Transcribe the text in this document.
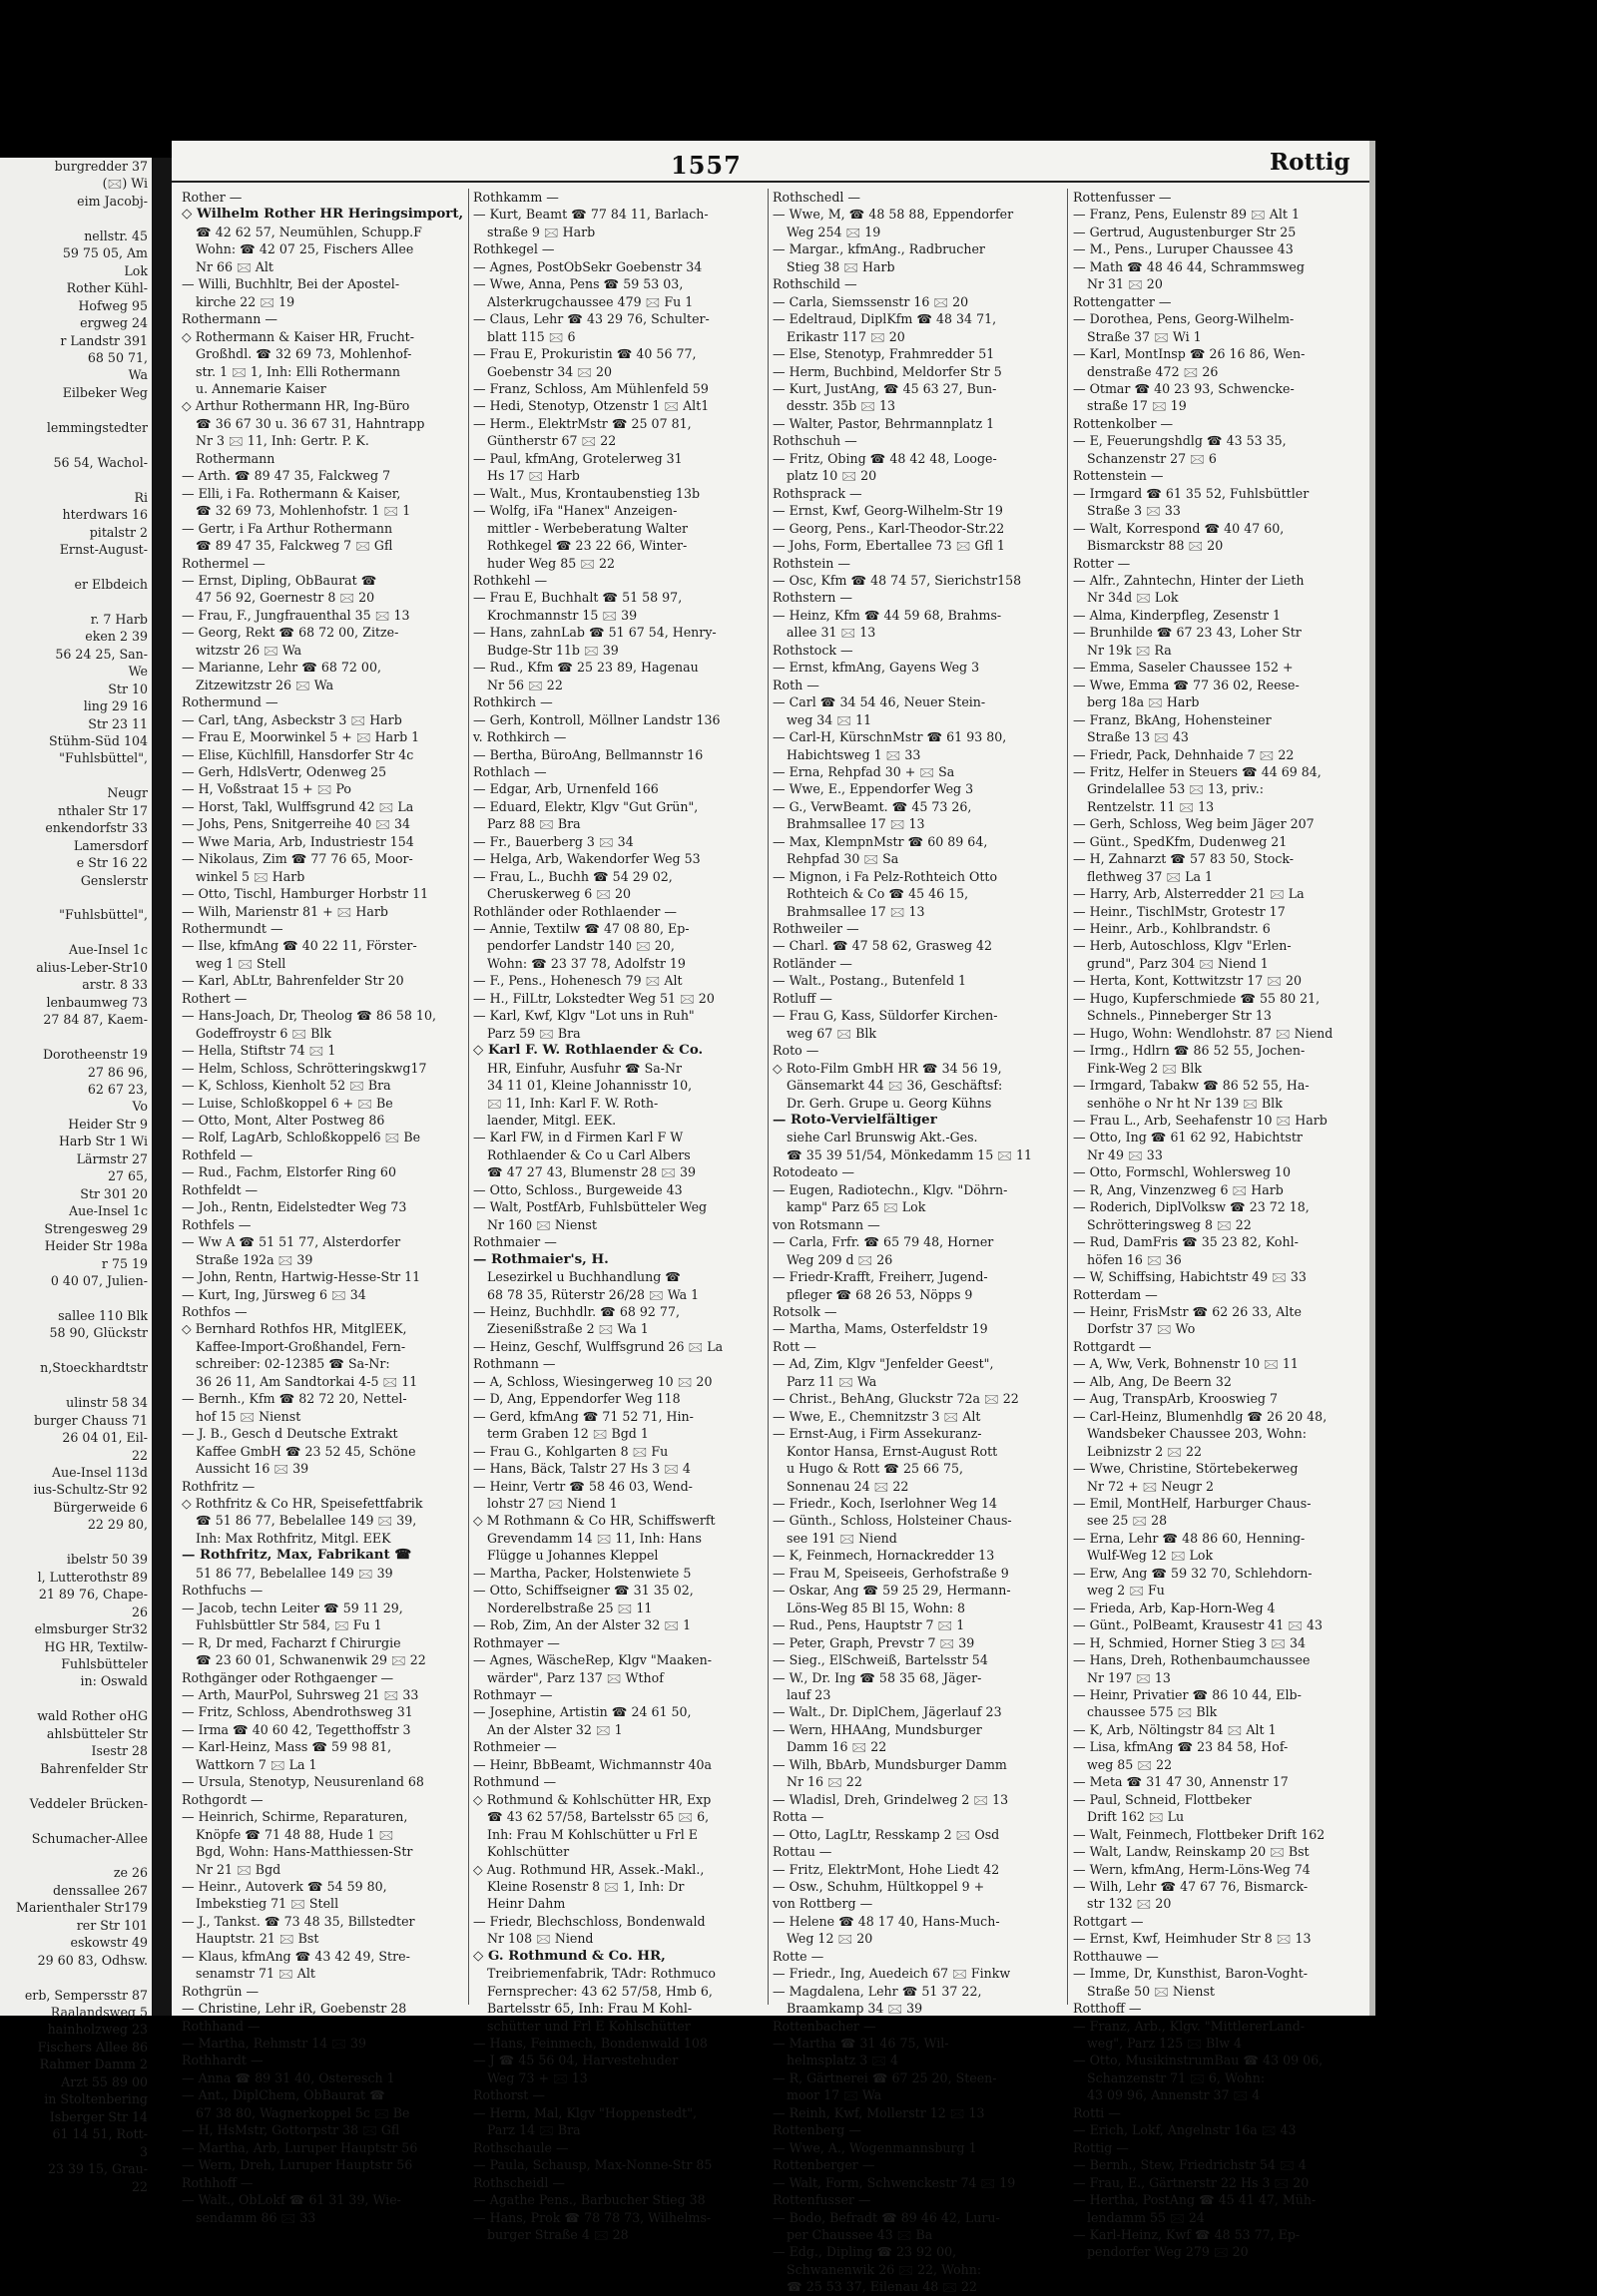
burgredder 37
(🖂) Wi
eim Jacobj-

nellstr. 45
59 75 05, Am
Lok
Rother Kühl-
Hofweg 95
ergweg 24
r Landstr 391
68 50 71,
Wa
Eilbeker Weg

lemmingstedter

56 54, Wachol-

Ri
hterdwars 16
pitalstr 2
Ernst-August-

er Elbdeich

r. 7 Harb
eken 2 39
56 24 25, San-
We
Str 10
ling 29 16
Str 23 11
Stühm-Süd 104
"Fuhlsbüttel",

Neugr
nthaler Str 17
enkendorfstr 33
Lamersdorf
e Str 16 22
Genslerstr

"Fuhlsbüttel",

Aue-Insel 1c
alius-Leber-Str10
arstr. 8 33
lenbaumweg 73
27 84 87, Kaem-

Dorotheenstr 19
27 86 96,
62 67 23,
Vo
Heider Str 9
Harb Str 1 Wi
Lärmstr 27
27 65,
Str 301 20
Aue-Insel 1c
Strengesweg 29
Heider Str 198a
r 75 19
0 40 07, Julien-

sallee 110 Blk
58 90, Glückstr

n,Stoeckhardtstr

ulinstr 58 34
burger Chauss 71
26 04 01, Eil-
22
Aue-Insel 113d
ius-Schultz-Str 92
Bürgerweide 6
22 29 80,

ibelstr 50 39
l, Lutterothstr 89
21 89 76, Chape-
26
elmsburger Str32
HG HR, Textilw-
Fuhlsbütteler
in: Oswald

wald Rother oHG
ahlsbütteler Str
Isestr 28
Bahrenfelder Str

Veddeler Brücken-

Schumacher-Allee

ze 26
denssallee 267
Marienthaler Str179
rer Str 101
eskowstr 49
29 60 83, Odhsw.

erb, Sempersstr 87
Raalandsweg 5
hainholzweg 23
Fischers Allee 86
Rahmer Damm 2
Arzt 55 89 00
in Stoltenbering
Isberger Str 14
61 14 51, Rott-
3
23 39 15, Grau-
22
1557	Rottig
Rother —
◇ Wilhelm Rother HR Heringsimport,
☎ 42 62 57, Neumühlen, Schupp.F
Wohn: ☎ 42 07 25, Fischers Allee
Nr 66 🖂 Alt
— Willi, Buchhltr, Bei der Apostel-
kirche 22 🖂 19
Rothermann —
◇ Rothermann & Kaiser HR, Frucht-
Großhdl. ☎ 32 69 73, Mohlenhof-
str. 1 🖂 1, Inh: Elli Rothermann
u. Annemarie Kaiser
◇ Arthur Rothermann HR, Ing-Büro
☎ 36 67 30 u. 36 67 31, Hahntrapp
Nr 3 🖂 11, Inh: Gertr. P. K.
Rothermann
— Arth. ☎ 89 47 35, Falckweg 7
— Elli, i Fa. Rothermann & Kaiser,
☎ 32 69 73, Mohlenhofstr. 1 🖂 1
— Gertr, i Fa Arthur Rothermann
☎ 89 47 35, Falckweg 7 🖂 Gfl
Rothermel —
— Ernst, Dipling, ObBaurat ☎
47 56 92, Goernestr 8 🖂 20
— Frau, F., Jungfrauenthal 35 🖂 13
— Georg, Rekt ☎ 68 72 00, Zitze-
witzstr 26 🖂 Wa
— Marianne, Lehr ☎ 68 72 00,
Zitzewitzstr 26 🖂 Wa
Rothermund —
— Carl, tAng, Asbeckstr 3 🖂 Harb
— Frau E, Moorwinkel 5 + 🖂 Harb 1
— Elise, Küchlfill, Hansdorfer Str 4c
— Gerh, HdlsVertr, Odenweg 25
— H, Voßstraat 15 + 🖂 Po
— Horst, Takl, Wulffsgrund 42 🖂 La
— Johs, Pens, Snitgerreihe 40 🖂 34
— Wwe Maria, Arb, Industriestr 154
— Nikolaus, Zim ☎ 77 76 65, Moor-
winkel 5 🖂 Harb
— Otto, Tischl, Hamburger Horbstr 11
— Wilh, Marienstr 81 + 🖂 Harb
Rothermundt —
— Ilse, kfmAng ☎ 40 22 11, Förster-
weg 1 🖂 Stell
— Karl, AbLtr, Bahrenfelder Str 20
Rothert —
— Hans-Joach, Dr, Theolog ☎ 86 58 10,
Godeffroystr 6 🖂 Blk
— Hella, Stiftstr 74 🖂 1
— Helm, Schloss, Schrötteringskwg17
— K, Schloss, Kienholt 52 🖂 Bra
— Luise, Schloßkoppel 6 + 🖂 Be
— Otto, Mont, Alter Postweg 86
— Rolf, LagArb, Schloßkoppel6 🖂 Be
Rothfeld —
— Rud., Fachm, Elstorfer Ring 60
Rothfeldt —
— Joh., Rentn, Eidelstedter Weg 73
Rothfels —
— Ww A ☎ 51 51 77, Alsterdorfer
Straße 192a 🖂 39
— John, Rentn, Hartwig-Hesse-Str 11
— Kurt, Ing, Jürsweg 6 🖂 34
Rothfos —
◇ Bernhard Rothfos HR, MitglEEK,
Kaffee-Import-Großhandel, Fern-
schreiber: 02-12385 ☎ Sa-Nr:
36 26 11, Am Sandtorkai 4-5 🖂 11
— Bernh., Kfm ☎ 82 72 20, Nettel-
hof 15 🖂 Nienst
— J. B., Gesch d Deutsche Extrakt
Kaffee GmbH ☎ 23 52 45, Schöne
Aussicht 16 🖂 39
Rothfritz —
◇ Rothfritz & Co HR, Speisefettfabrik
☎ 51 86 77, Bebelallee 149 🖂 39,
Inh: Max Rothfritz, Mitgl. EEK
— Rothfritz, Max, Fabrikant ☎
51 86 77, Bebelallee 149 🖂 39
Rothfuchs —
— Jacob, techn Leiter ☎ 59 11 29,
Fuhlsbüttler Str 584, 🖂 Fu 1
— R, Dr med, Facharzt f Chirurgie
☎ 23 60 01, Schwanenwik 29 🖂 22
Rothgänger oder Rothgaenger —
— Arth, MaurPol, Suhrsweg 21 🖂 33
— Fritz, Schloss, Abendrothsweg 31
— Irma ☎ 40 60 42, Tegetthoffstr 3
— Karl-Heinz, Mass ☎ 59 98 81,
Wattkorn 7 🖂 La 1
— Ursula, Stenotyp, Neusurenland 68
Rothgordt —
— Heinrich, Schirme, Reparaturen,
Knöpfe ☎ 71 48 88, Hude 1 🖂
Bgd, Wohn: Hans-Matthiessen-Str
Nr 21 🖂 Bgd
— Heinr., Autoverk ☎ 54 59 80,
Imbekstieg 71 🖂 Stell
— J., Tankst. ☎ 73 48 35, Billstedter
Hauptstr. 21 🖂 Bst
— Klaus, kfmAng ☎ 43 42 49, Stre-
senamstr 71 🖂 Alt
Rothgrün —
— Christine, Lehr iR, Goebenstr 28
Rothhand —
— Martha, Rehmstr 14 🖂 39
Rothhardt —
— Anna ☎ 89 31 40, Osteresch 1
— Ant., DiplChem, ObBaurat ☎
67 38 80, Wagnerkoppel 5c 🖂 Be
— H, HsMstr, Gottorpstr 38 🖂 Gfl
— Martha, Arb, Luruper Hauptstr 56
— Wern, Dreh, Luruper Hauptstr 56
Rothhoff —
— Walt., ObLokf ☎ 61 31 39, Wie-
sendamm 86 🖂 33
Rothkamm —
— Kurt, Beamt ☎ 77 84 11, Barlach-
straße 9 🖂 Harb
Rothkegel —
— Agnes, PostObSekr Goebenstr 34
— Wwe, Anna, Pens ☎ 59 53 03,
Alsterkrugchaussee 479 🖂 Fu 1
— Claus, Lehr ☎ 43 29 76, Schulter-
blatt 115 🖂 6
— Frau E, Prokuristin ☎ 40 56 77,
Goebenstr 34 🖂 20
— Franz, Schloss, Am Mühlenfeld 59
— Hedi, Stenotyp, Otzenstr 1 🖂 Alt1
— Herm., ElektrMstr ☎ 25 07 81,
Güntherstr 67 🖂 22
— Paul, kfmAng, Grotelerweg 31
Hs 17 🖂 Harb
— Walt., Mus, Krontaubenstieg 13b
— Wolfg, iFa "Hanex" Anzeigen-
mittler - Werbeberatung Walter
Rothkegel ☎ 23 22 66, Winter-
huder Weg 85 🖂 22
Rothkehl —
— Frau E, Buchhalt ☎ 51 58 97,
Krochmannstr 15 🖂 39
— Hans, zahnLab ☎ 51 67 54, Henry-
Budge-Str 11b 🖂 39
— Rud., Kfm ☎ 25 23 89, Hagenau
Nr 56 🖂 22
Rothkirch —
— Gerh, Kontroll, Möllner Landstr 136
v. Rothkirch —
— Bertha, BüroAng, Bellmannstr 16
Rothlach —
— Edgar, Arb, Urnenfeld 166
— Eduard, Elektr, Klgv "Gut Grün",
Parz 88 🖂 Bra
— Fr., Bauerberg 3 🖂 34
— Helga, Arb, Wakendorfer Weg 53
— Frau, L., Buchh ☎ 54 29 02,
Cheruskerweg 6 🖂 20
Rothländer oder Rothlaender —
— Annie, Textilw ☎ 47 08 80, Ep-
pendorfer Landstr 140 🖂 20,
Wohn: ☎ 23 37 78, Adolfstr 19
— F., Pens., Hohenesch 79 🖂 Alt
— H., FilLtr, Lokstedter Weg 51 🖂 20
— Karl, Kwf, Klgv "Lot uns in Ruh"
Parz 59 🖂 Bra
◇ Karl F. W. Rothlaender & Co.
HR, Einfuhr, Ausfuhr ☎ Sa-Nr
34 11 01, Kleine Johannisstr 10,
🖂 11, Inh: Karl F. W. Roth-
laender, Mitgl. EEK.
— Karl FW, in d Firmen Karl F W
Rothlaender & Co u Carl Albers
☎ 47 27 43, Blumenstr 28 🖂 39
— Otto, Schloss., Burgeweide 43
— Walt, PostfArb, Fuhlsbütteler Weg
Nr 160 🖂 Nienst
Rothmaier —
— Rothmaier's, H.
Lesezirkel u Buchhandlung ☎
68 78 35, Rüterstr 26/28 🖂 Wa 1
— Heinz, Buchhdlr. ☎ 68 92 77,
Ziesenißstraße 2 🖂 Wa 1
— Heinz, Geschf, Wulffsgrund 26 🖂 La
Rothmann —
— A, Schloss, Wiesingerweg 10 🖂 20
— D, Ang, Eppendorfer Weg 118
— Gerd, kfmAng ☎ 71 52 71, Hin-
term Graben 12 🖂 Bgd 1
— Frau G., Kohlgarten 8 🖂 Fu
— Hans, Bäck, Talstr 27 Hs 3 🖂 4
— Heinr, Vertr ☎ 58 46 03, Wend-
lohstr 27 🖂 Niend 1
◇ M Rothmann & Co HR, Schiffswerft
Grevendamm 14 🖂 11, Inh: Hans
Flügge u Johannes Kleppel
— Martha, Packer, Holstenwiete 5
— Otto, Schiffseigner ☎ 31 35 02,
Norderelbstraße 25 🖂 11
— Rob, Zim, An der Alster 32 🖂 1
Rothmayer —
— Agnes, WäscheRep, Klgv "Maaken-
wärder", Parz 137 🖂 Wthof
Rothmayr —
— Josephine, Artistin ☎ 24 61 50,
An der Alster 32 🖂 1
Rothmeier —
— Heinr, BbBeamt, Wichmannstr 40a
Rothmund —
◇ Rothmund & Kohlschütter HR, Exp
☎ 43 62 57/58, Bartelsstr 65 🖂 6,
Inh: Frau M Kohlschütter u Frl E
Kohlschütter
◇ Aug. Rothmund HR, Assek.-Makl.,
Kleine Rosenstr 8 🖂 1, Inh: Dr
Heinr Dahm
— Friedr, Blechschloss, Bondenwald
Nr 108 🖂 Niend
◇ G. Rothmund & Co. HR,
Treibriemenfabrik, TAdr: Rothmuco
Fernsprecher: 43 62 57/58, Hmb 6,
Bartelsstr 65, Inh: Frau M Kohl-
schütter und Frl E Kohlschütter
— Hans, Feinmech, Bondenwald 108
— J ☎ 45 56 04, Harvestehuder
Weg 73 + 🖂 13
Rothorst —
— Herm, Mal, Klgv "Hoppenstedt",
Parz 14 🖂 Bra
Rothschaule —
— Paula, Schausp, Max-Nonne-Str 85
Rothscheidl —
— Agathe Pens., Barbucher Stieg 38
— Hans, Prok ☎ 78 78 73, Wilhelms-
burger Straße 4 🖂 28
Rothschedl —
— Wwe, M, ☎ 48 58 88, Eppendorfer
Weg 254 🖂 19
— Margar., kfmAng., Radbrucher
Stieg 38 🖂 Harb
Rothschild —
— Carla, Siemssenstr 16 🖂 20
— Edeltraud, DiplKfm ☎ 48 34 71,
Erikastr 117 🖂 20
— Else, Stenotyp, Frahmredder 51
— Herm, Buchbind, Meldorfer Str 5
— Kurt, JustAng, ☎ 45 63 27, Bun-
desstr. 35b 🖂 13
— Walter, Pastor, Behrmannplatz 1
Rothschuh —
— Fritz, Obing ☎ 48 42 48, Looge-
platz 10 🖂 20
Rothsprack —
— Ernst, Kwf, Georg-Wilhelm-Str 19
— Georg, Pens., Karl-Theodor-Str.22
— Johs, Form, Ebertallee 73 🖂 Gfl 1
Rothstein —
— Osc, Kfm ☎ 48 74 57, Sierichstr158
Rothstern —
— Heinz, Kfm ☎ 44 59 68, Brahms-
allee 31 🖂 13
Rothstock —
— Ernst, kfmAng, Gayens Weg 3
Roth —
— Carl ☎ 34 54 46, Neuer Stein-
weg 34 🖂 11
— Carl-H, KürschnMstr ☎ 61 93 80,
Habichtsweg 1 🖂 33
— Erna, Rehpfad 30 + 🖂 Sa
— Wwe, E., Eppendorfer Weg 3
— G., VerwBeamt. ☎ 45 73 26,
Brahmsallee 17 🖂 13
— Max, KlempnMstr ☎ 60 89 64,
Rehpfad 30 🖂 Sa
— Mignon, i Fa Pelz-Rothteich Otto
Rothteich & Co ☎ 45 46 15,
Brahmsallee 17 🖂 13
Rothweiler —
— Charl. ☎ 47 58 62, Grasweg 42
Rotländer —
— Walt., Postang., Butenfeld 1
Rotluff —
— Frau G, Kass, Süldorfer Kirchen-
weg 67 🖂 Blk
Roto —
◇ Roto-Film GmbH HR ☎ 34 56 19,
Gänsemarkt 44 🖂 36, Geschäftsf:
Dr. Gerh. Grupe u. Georg Kühns
— Roto-Vervielfältiger
siehe Carl Brunswig Akt.-Ges.
☎ 35 39 51/54, Mönkedamm 15 🖂 11
Rotodeato —
— Eugen, Radiotechn., Klgv. "Döhrn-
kamp" Parz 65 🖂 Lok
von Rotsmann —
— Carla, Frfr. ☎ 65 79 48, Horner
Weg 209 d 🖂 26
— Friedr-Krafft, Freiherr, Jugend-
pfleger ☎ 68 26 53, Nöpps 9
Rotsolk —
— Martha, Mams, Osterfeldstr 19
Rott —
— Ad, Zim, Klgv "Jenfelder Geest",
Parz 11 🖂 Wa
— Christ., BehAng, Gluckstr 72a 🖂 22
— Wwe, E., Chemnitzstr 3 🖂 Alt
— Ernst-Aug, i Firm Assekuranz-
Kontor Hansa, Ernst-August Rott
u Hugo & Rott ☎ 25 66 75,
Sonnenau 24 🖂 22
— Friedr., Koch, Iserlohner Weg 14
— Günth., Schloss, Holsteiner Chaus-
see 191 🖂 Niend
— K, Feinmech, Hornackredder 13
— Frau M, Speiseeis, Gerhofstraße 9
— Oskar, Ang ☎ 59 25 29, Hermann-
Löns-Weg 85 Bl 15, Wohn: 8
— Rud., Pens, Hauptstr 7 🖂 1
— Peter, Graph, Prevstr 7 🖂 39
— Sieg., ElSchweiß, Bartelsstr 54
— W., Dr. Ing ☎ 58 35 68, Jäger-
lauf 23
— Walt., Dr. DiplChem, Jägerlauf 23
— Wern, HHAAng, Mundsburger
Damm 16 🖂 22
— Wilh, BbArb, Mundsburger Damm
Nr 16 🖂 22
— Wladisl, Dreh, Grindelweg 2 🖂 13
Rotta —
— Otto, LagLtr, Resskamp 2 🖂 Osd
Rottau —
— Fritz, ElektrMont, Hohe Liedt 42
— Osw., Schuhm, Hültkoppel 9 +
von Rottberg —
— Helene ☎ 48 17 40, Hans-Much-
Weg 12 🖂 20
Rotte —
— Friedr., Ing, Auedeich 67 🖂 Finkw
— Magdalena, Lehr ☎ 51 37 22,
Braamkamp 34 🖂 39
Rottenbacher —
— Martha ☎ 31 46 75, Wil-
helmsplatz 3 🖂 4
— R, Gärtnerei ☎ 67 25 20, Steen-
moor 17 🖂 Wa
— Reinh, Kwf, Mollerstr 12 🖂 13
Rottenberg —
— Wwe, A., Wogenmannsburg 1
Rottenberger —
— Walt, Form, Schwenckestr 74 🖂 19
Rottenfusser —
— Bodo, Befradt ☎ 89 46 42, Luru-
per Chaussee 43 🖂 Ba
— Edg., Dipling ☎ 23 92 00,
Schwanenwik 26 🖂 22, Wohn:
☎ 25 53 37, Eilenau 48 🖂 22
Rottenfusser —
— Franz, Pens, Eulenstr 89 🖂 Alt 1
— Gertrud, Augustenburger Str 25
— M., Pens., Luruper Chaussee 43
— Math ☎ 48 46 44, Schrammsweg
Nr 31 🖂 20
Rottengatter —
— Dorothea, Pens, Georg-Wilhelm-
Straße 37 🖂 Wi 1
— Karl, MontInsp ☎ 26 16 86, Wen-
denstraße 472 🖂 26
— Otmar ☎ 40 23 93, Schwencke-
straße 17 🖂 19
Rottenkolber —
— E, Feuerungshdlg ☎ 43 53 35,
Schanzenstr 27 🖂 6
Rottenstein —
— Irmgard ☎ 61 35 52, Fuhlsbüttler
Straße 3 🖂 33
— Walt, Korrespond ☎ 40 47 60,
Bismarckstr 88 🖂 20
Rotter —
— Alfr., Zahntechn, Hinter der Lieth
Nr 34d 🖂 Lok
— Alma, Kinderpfleg, Zesenstr 1
— Brunhilde ☎ 67 23 43, Loher Str
Nr 19k 🖂 Ra
— Emma, Saseler Chaussee 152 +
— Wwe, Emma ☎ 77 36 02, Reese-
berg 18a 🖂 Harb
— Franz, BkAng, Hohensteiner
Straße 13 🖂 43
— Friedr, Pack, Dehnhaide 7 🖂 22
— Fritz, Helfer in Steuers ☎ 44 69 84,
Grindelallee 53 🖂 13, priv.:
Rentzelstr. 11 🖂 13
— Gerh, Schloss, Weg beim Jäger 207
— Günt., SpedKfm, Dudenweg 21
— H, Zahnarzt ☎ 57 83 50, Stock-
flethweg 37 🖂 La 1
— Harry, Arb, Alsterredder 21 🖂 La
— Heinr., TischlMstr, Grotestr 17
— Heinr., Arb., Kohlbrandstr. 6
— Herb, Autoschloss, Klgv "Erlen-
grund", Parz 304 🖂 Niend 1
— Herta, Kont, Kottwitzstr 17 🖂 20
— Hugo, Kupferschmiede ☎ 55 80 21,
Schnels., Pinneberger Str 13
— Hugo, Wohn: Wendlohstr. 87 🖂 Niend
— Irmg., Hdlrn ☎ 86 52 55, Jochen-
Fink-Weg 2 🖂 Blk
— Irmgard, Tabakw ☎ 86 52 55, Ha-
senhöhe o Nr ht Nr 139 🖂 Blk
— Frau L., Arb, Seehafenstr 10 🖂 Harb
— Otto, Ing ☎ 61 62 92, Habichtstr
Nr 49 🖂 33
— Otto, Formschl, Wohlersweg 10
— R, Ang, Vinzenzweg 6 🖂 Harb
— Roderich, DiplVolksw ☎ 23 72 18,
Schrötteringsweg 8 🖂 22
— Rud, DamFris ☎ 35 23 82, Kohl-
höfen 16 🖂 36
— W, Schiffsing, Habichtstr 49 🖂 33
Rotterdam —
— Heinr, FrisMstr ☎ 62 26 33, Alte
Dorfstr 37 🖂 Wo
Rottgardt —
— A, Ww, Verk, Bohnenstr 10 🖂 11
— Alb, Ang, De Beern 32
— Aug, TranspArb, Krooswieg 7
— Carl-Heinz, Blumenhdlg ☎ 26 20 48,
Wandsbeker Chaussee 203, Wohn:
Leibnizstr 2 🖂 22
— Wwe, Christine, Störtebekerweg
Nr 72 + 🖂 Neugr 2
— Emil, MontHelf, Harburger Chaus-
see 25 🖂 28
— Erna, Lehr ☎ 48 86 60, Henning-
Wulf-Weg 12 🖂 Lok
— Erw, Ang ☎ 59 32 70, Schlehdorn-
weg 2 🖂 Fu
— Frieda, Arb, Kap-Horn-Weg 4
— Günt., PolBeamt, Krausestr 41 🖂 43
— H, Schmied, Horner Stieg 3 🖂 34
— Hans, Dreh, Rothenbaumchaussee
Nr 197 🖂 13
— Heinr, Privatier ☎ 86 10 44, Elb-
chaussee 575 🖂 Blk
— K, Arb, Nöltingstr 84 🖂 Alt 1
— Lisa, kfmAng ☎ 23 84 58, Hof-
weg 85 🖂 22
— Meta ☎ 31 47 30, Annenstr 17
— Paul, Schneid, Flottbeker
Drift 162 🖂 Lu
— Walt, Feinmech, Flottbeker Drift 162
— Walt, Landw, Reinskamp 20 🖂 Bst
— Wern, kfmAng, Herm-Löns-Weg 74
— Wilh, Lehr ☎ 47 67 76, Bismarck-
str 132 🖂 20
Rottgart —
— Ernst, Kwf, Heimhuder Str 8 🖂 13
Rotthauwe —
— Imme, Dr, Kunsthist, Baron-Voght-
Straße 50 🖂 Nienst
Rotthoff —
— Franz, Arb., Klgv. "MittlererLand-
weg", Parz 125 🖂 Blw 4
— Otto, MusikinstrumBau ☎ 43 09 06,
Schanzenstr 71 🖂 6, Wohn:
43 09 96, Annenstr 37 🖂 4
Rotti —
— Erich, Lokf, Angelnstr 16a 🖂 43
Rottig —
— Bernh., Stew, Friedrichstr 54 🖂 4
— Frau, E., Gärtnerstr 22 Hs 3 🖂 20
— Hertha, PostAng ☎ 45 41 47, Müh-
lendamm 55 🖂 24
— Karl-Heinz, Kwf ☎ 48 53 77, Ep-
pendorfer Weg 279 🖂 20
